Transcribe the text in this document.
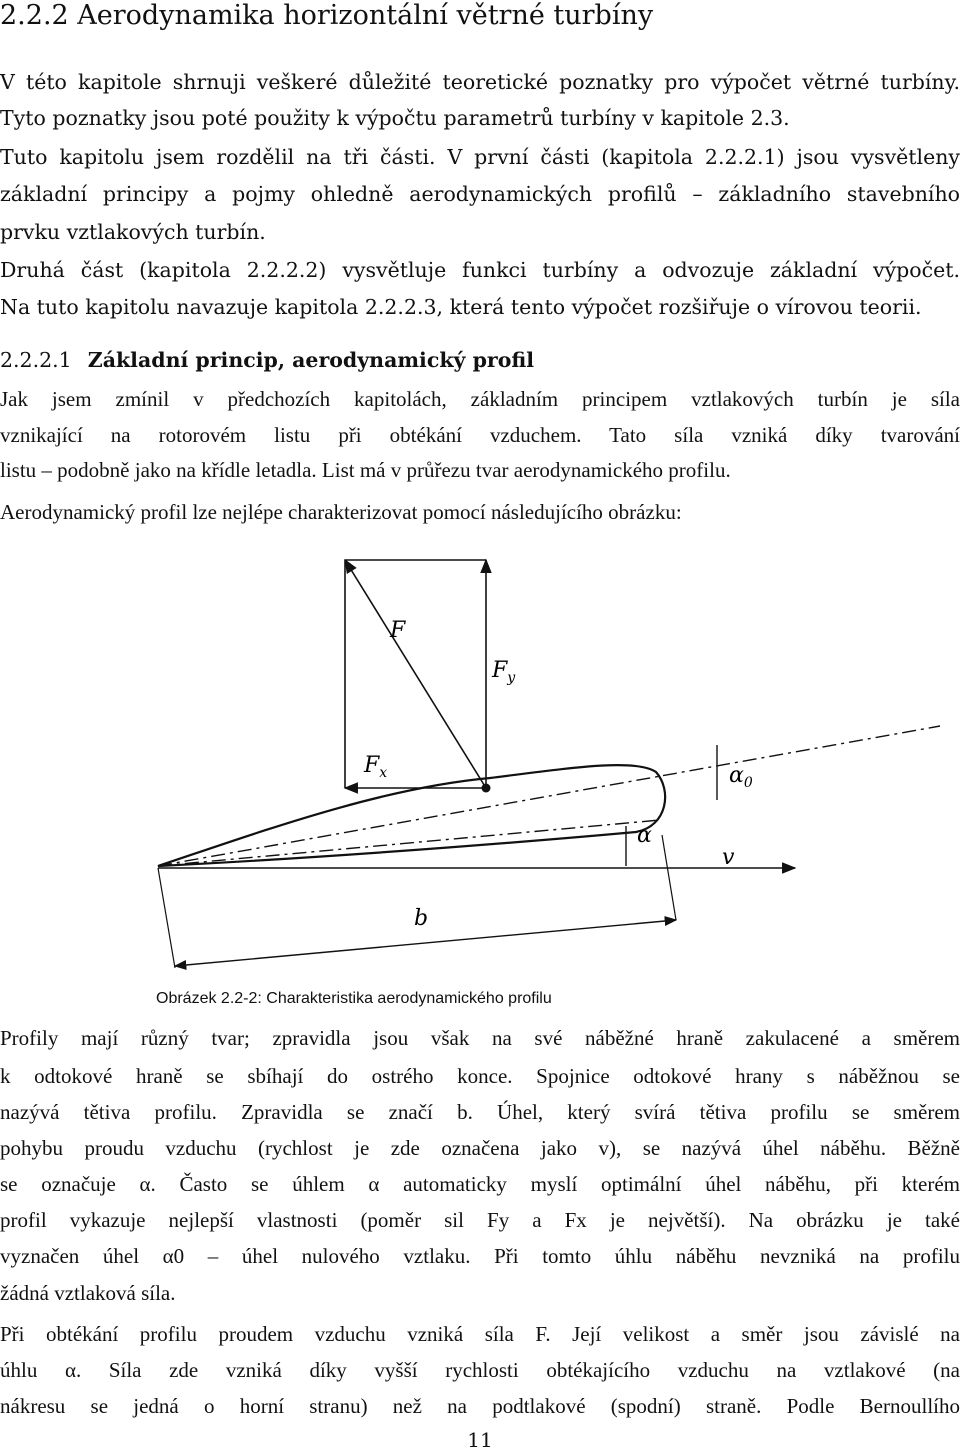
2.2.2 Aerodynamika horizontální větrné turbíny
V této kapitole shrnuji veškeré důležité teoretické poznatky pro výpočet větrné turbíny.
Tyto poznatky jsou poté použity k výpočtu parametrů turbíny v kapitole 2.3.
Tuto kapitolu jsem rozdělil na tři části. V první části (kapitola 2.2.2.1) jsou vysvětleny
základní principy a pojmy ohledně aerodynamických profilů – základního stavebního
prvku vztlakových turbín.
Druhá část (kapitola 2.2.2.2) vysvětluje funkci turbíny a odvozuje základní výpočet.
Na tuto kapitolu navazuje kapitola 2.2.2.3, která tento výpočet rozšiřuje o vírovou teorii.
2.2.2.1 Základní princip, aerodynamický profil
Jak jsem zmínil v předchozích kapitolách, základním principem vztlakových turbín je síla
vznikající na rotorovém listu při obtékání vzduchem. Tato síla vzniká díky tvarování
listu – podobně jako na křídle letadla. List má v průřezu tvar aerodynamického profilu.
Aerodynamický profil lze nejlépe charakterizovat pomocí následujícího obrázku:
F
$F_y$
$F_x$	$\alpha_0$
α
v
b
Obrázek 2.2-2: Charakteristika aerodynamického profilu
Profily mají různý tvar; zpravidla jsou však na své náběžné hraně zakulacené a směrem
k odtokové hraně se sbíhají do ostrého konce. Spojnice odtokové hrany s náběžnou se
nazývá tětiva profilu. Zpravidla se značí b. Úhel, který svírá tětiva profilu se směrem
pohybu proudu vzduchu (rychlost je zde označena jako v), se nazývá úhel náběhu. Běžně
se označuje α. Často se úhlem α automaticky myslí optimální úhel náběhu, při kterém
profil vykazuje nejlepší vlastnosti (poměr sil Fy a Fx je největší). Na obrázku je také
vyznačen úhel α0 – úhel nulového vztlaku. Při tomto úhlu náběhu nevzniká na profilu
žádná vztlaková síla.
Při obtékání profilu proudem vzduchu vzniká síla F. Její velikost a směr jsou závislé na
úhlu α. Síla zde vzniká díky vyšší rychlosti obtékajícího vzduchu na vztlakové (na
nákresu se jedná o horní stranu) než na podtlakové (spodní) straně. Podle Bernoullího
11
